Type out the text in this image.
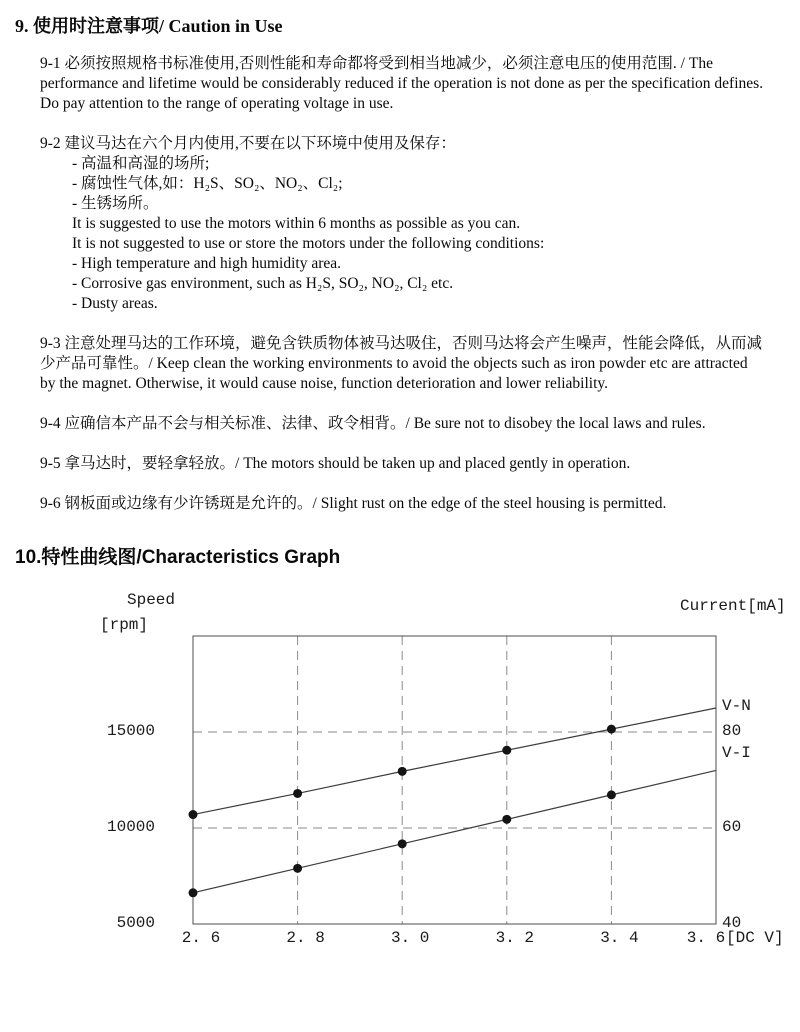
9. 使用时注意事项/ Caution in Use

9-1 必须按照规格书标准使用,否则性能和寿命都将受到相当地减少，必须注意电压的使用范围. / The performance and lifetime would be considerably reduced if the operation is not done as per the specification defines. Do pay attention to the range of operating voltage in use.

9-2 建议马达在六个月内使用,不要在以下环境中使用及保存：
- 高温和高湿的场所;
- 腐蚀性气体,如：H₂S、SO₂、NO₂、Cl₂;
- 生锈场所。
It is suggested to use the motors within 6 months as possible as you can.
It is not suggested to use or store the motors under the following conditions:
- High temperature and high humidity area.
- Corrosive gas environment, such as H₂S, SO₂, NO₂, Cl₂ etc.
- Dusty areas.

9-3 注意处理马达的工作环境，避免含铁质物体被马达吸住，否则马达将会产生噪声，性能会降低，从而减少产品可靠性。/ Keep clean the working environments to avoid the objects such as iron powder etc are attracted by the magnet. Otherwise, it would cause noise, function deterioration and lower reliability.

9-4 应确信本产品不会与相关标准、法律、政令相背。/ Be sure not to disobey the local laws and rules.

9-5 拿马达时，要轻拿轻放。/ The motors should be taken up and placed gently in operation.

9-6 钢板面或边缘有少许锈斑是允许的。/ Slight rust on the edge of the steel housing is permitted.

10.特性曲线图/Characteristics Graph
Speed
[rpm]
Current[mA]
V-N
V-I
[DC V]
15000
10000
5000
80
60
40
2. 6	2. 8	3. 0	3. 2	3. 4	3. 6
